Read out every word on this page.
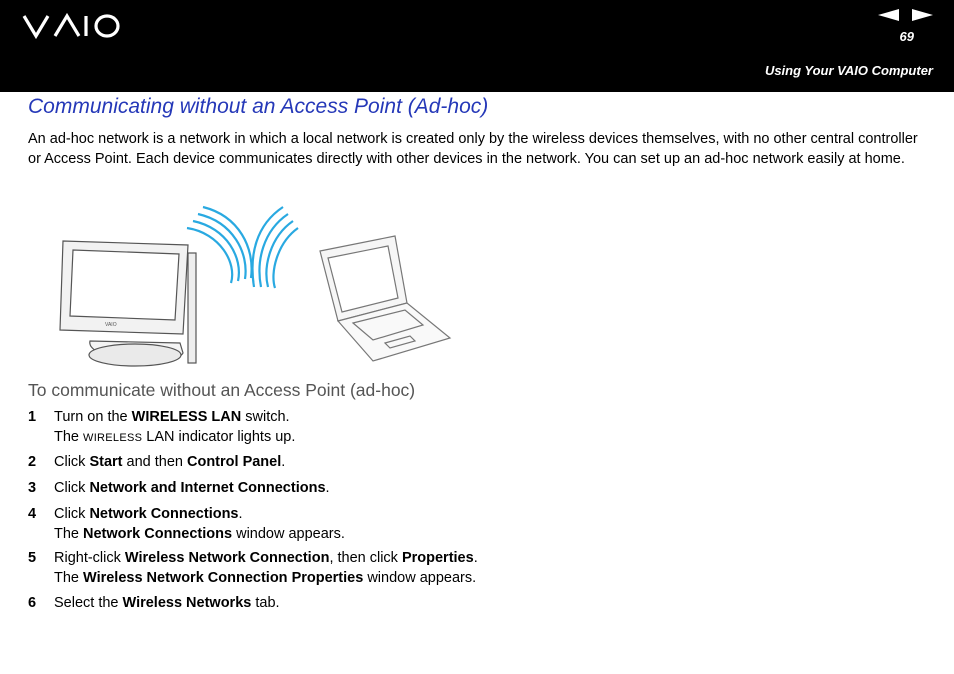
69
Using Your VAIO Computer
Communicating without an Access Point (Ad-hoc)

An ad-hoc network is a network in which a local network is created only by the wireless devices themselves, with no other central controller or Access Point. Each device communicates directly with other devices in the network. You can set up an ad-hoc network easily at home.

VAIO
To communicate without an Access Point (ad-hoc)
1	Turn on the WIRELESS LAN switch.
The WIRELESS LAN indicator lights up.
2	Click Start and then Control Panel.
3	Click Network and Internet Connections.
4	Click Network Connections.
The Network Connections window appears.
5	Right-click Wireless Network Connection, then click Properties.
The Wireless Network Connection Properties window appears.
6	Select the Wireless Networks tab.
